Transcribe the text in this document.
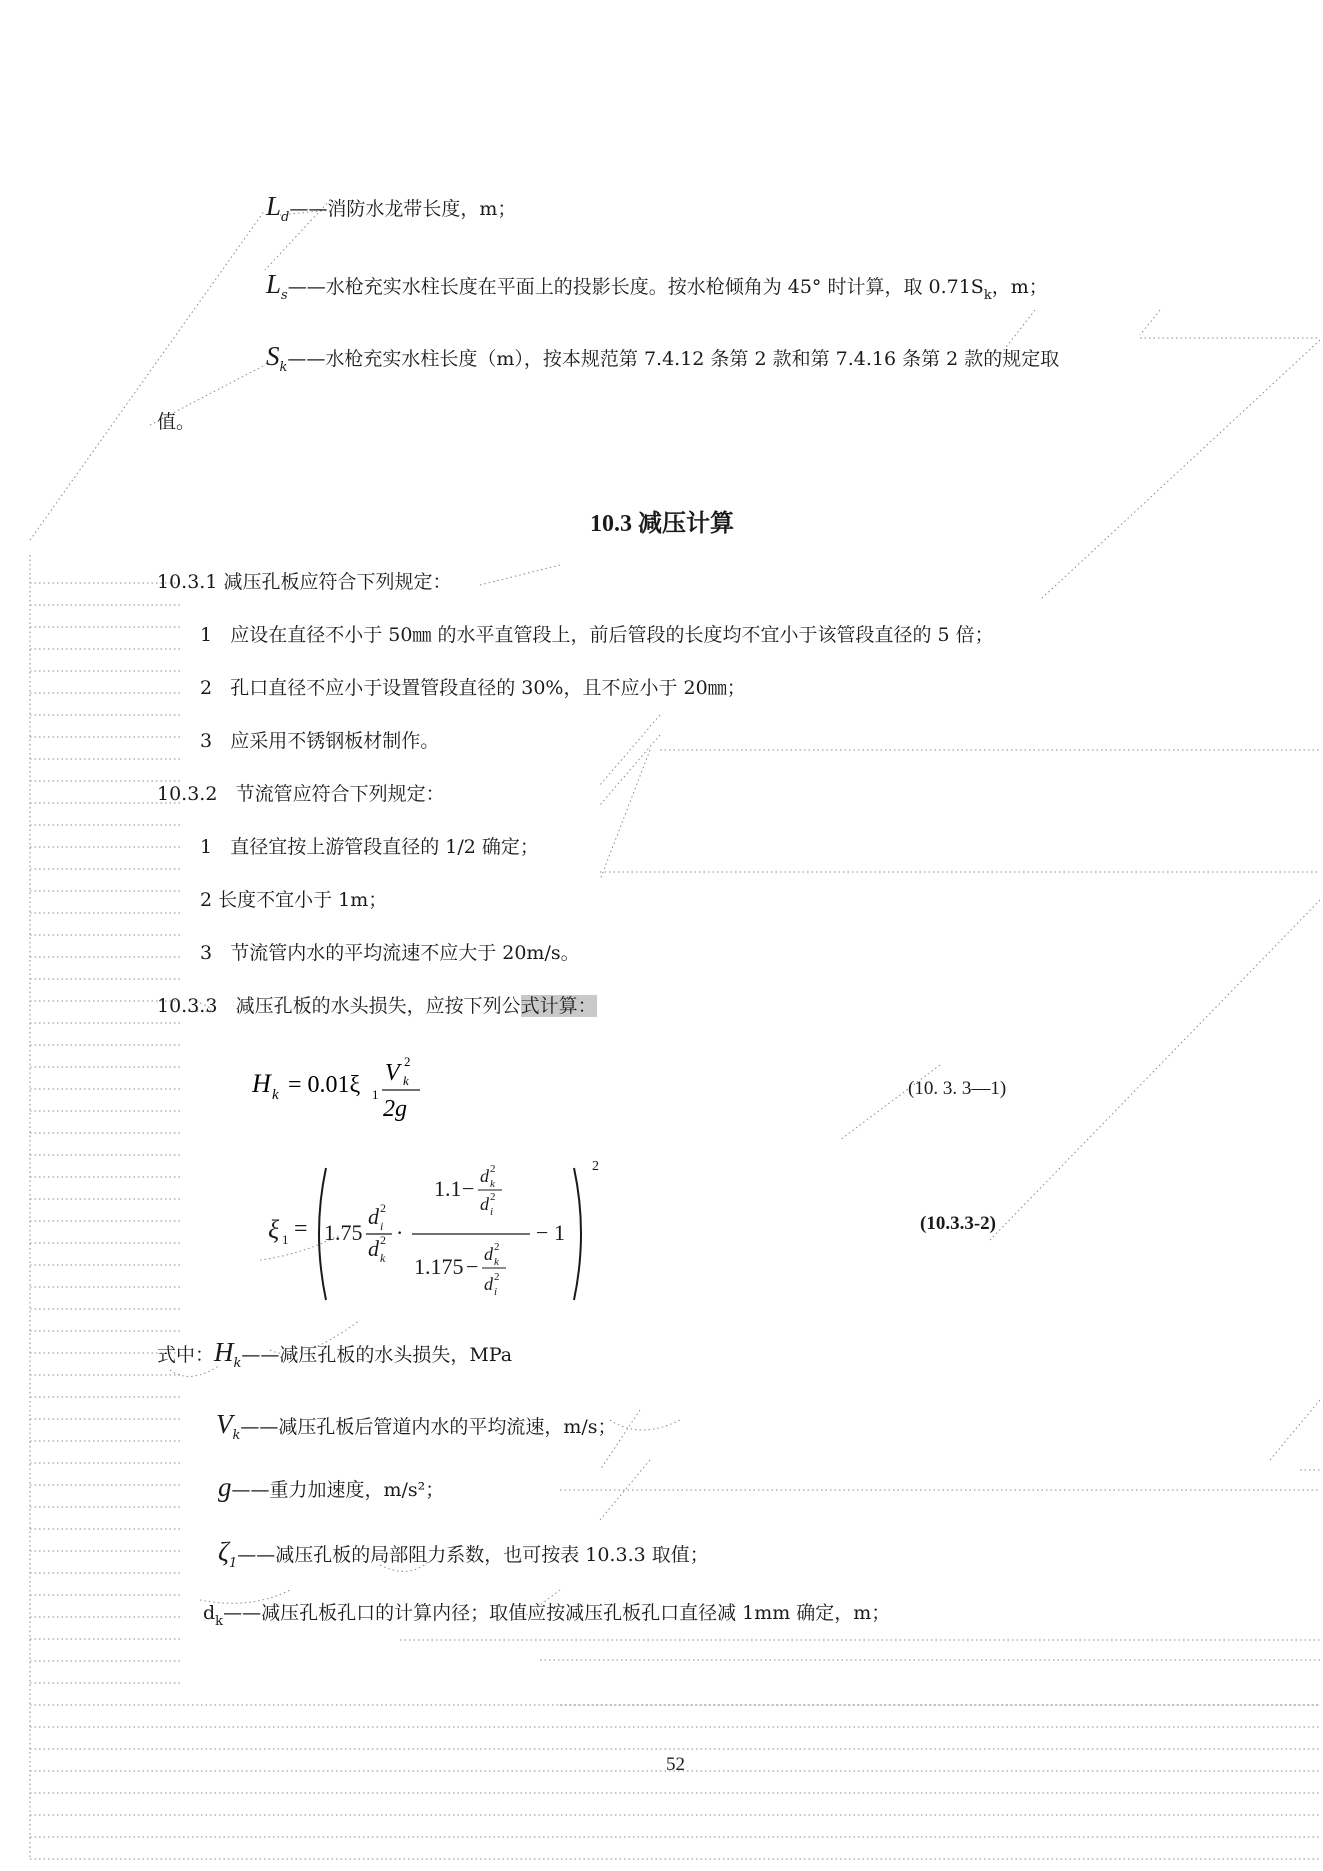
$L_d——$消防水龙带长度，m；
$L_s——$水枪充实水柱长度在平面上的投影长度。按水枪倾角为 45° 时计算，取 $0.71S_k$，m；
$S_k——$水枪充实水柱长度（m），按本规范第 7.4.12 条第 2 款和第 7.4.16 条第 2 款的规定取
值。
10.3 减压计算
10.3.1 减压孔板应符合下列规定：
1 应设在直径不小于 50㎜ 的水平直管段上，前后管段的长度均不宜小于该管段直径的 5 倍；
2 孔口直径不应小于设置管段直径的 30%，且不应小于 20㎜；
3 应采用不锈钢板材制作。
10.3.2 节流管应符合下列规定：
1 直径宜按上游管段直径的 1/2 确定；
2 长度不宜小于 1m；
3 节流管内水的平均流速不应大于 20m/s。
10.3.3 减压孔板的水头损失，应按下列公式计算：
H k = 0.01ξ 1
V k
2
2g
(10. 3. 3—1)
ξ 1 =
2
1.75
d i
2
d k
2 ·
1.1 − d k
2
d i
2
1.175 − d k
2
d i
2
− 1	(10.3.3-2)
式中：$H_k——$减压孔板的水头损失，MPa
$V_k——$减压孔板后管道内水的平均流速，m/s；
g——重力加速度，m/s²；
$\zeta_1——$减压孔板的局部阻力系数，也可按表 10.3.3 取值；
$d_k——$减压孔板孔口的计算内径；取值应按减压孔板孔口直径减 1mm 确定，m；
52
